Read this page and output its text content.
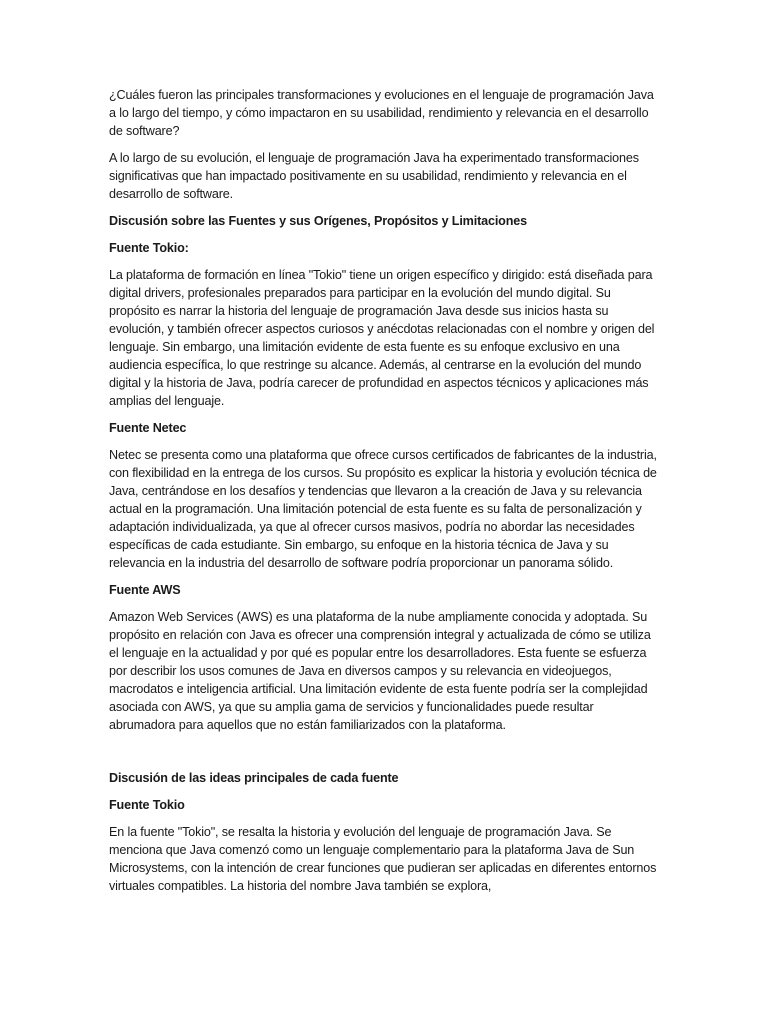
¿Cuáles fueron las principales transformaciones y evoluciones en el lenguaje de programación Java a lo largo del tiempo, y cómo impactaron en su usabilidad, rendimiento y relevancia en el desarrollo de software?

A lo largo de su evolución, el lenguaje de programación Java ha experimentado transformaciones significativas que han impactado positivamente en su usabilidad, rendimiento y relevancia en el desarrollo de software.

Discusión sobre las Fuentes y sus Orígenes, Propósitos y Limitaciones
Fuente Tokio:

La plataforma de formación en línea "Tokio" tiene un origen específico y dirigido: está diseñada para digital drivers, profesionales preparados para participar en la evolución del mundo digital. Su propósito es narrar la historia del lenguaje de programación Java desde sus inicios hasta su evolución, y también ofrecer aspectos curiosos y anécdotas relacionadas con el nombre y origen del lenguaje. Sin embargo, una limitación evidente de esta fuente es su enfoque exclusivo en una audiencia específica, lo que restringe su alcance. Además, al centrarse en la evolución del mundo digital y la historia de Java, podría carecer de profundidad en aspectos técnicos y aplicaciones más amplias del lenguaje.

Fuente Netec

Netec se presenta como una plataforma que ofrece cursos certificados de fabricantes de la industria, con flexibilidad en la entrega de los cursos. Su propósito es explicar la historia y evolución técnica de Java, centrándose en los desafíos y tendencias que llevaron a la creación de Java y su relevancia actual en la programación. Una limitación potencial de esta fuente es su falta de personalización y adaptación individualizada, ya que al ofrecer cursos masivos, podría no abordar las necesidades específicas de cada estudiante. Sin embargo, su enfoque en la historia técnica de Java y su relevancia en la industria del desarrollo de software podría proporcionar un panorama sólido.

Fuente AWS

Amazon Web Services (AWS) es una plataforma de la nube ampliamente conocida y adoptada. Su propósito en relación con Java es ofrecer una comprensión integral y actualizada de cómo se utiliza el lenguaje en la actualidad y por qué es popular entre los desarrolladores. Esta fuente se esfuerza por describir los usos comunes de Java en diversos campos y su relevancia en videojuegos, macrodatos e inteligencia artificial. Una limitación evidente de esta fuente podría ser la complejidad asociada con AWS, ya que su amplia gama de servicios y funcionalidades puede resultar abrumadora para aquellos que no están familiarizados con la plataforma.

Discusión de las ideas principales de cada fuente
Fuente Tokio

En la fuente "Tokio", se resalta la historia y evolución del lenguaje de programación Java. Se menciona que Java comenzó como un lenguaje complementario para la plataforma Java de Sun Microsystems, con la intención de crear funciones que pudieran ser aplicadas en diferentes entornos virtuales compatibles. La historia del nombre Java también se explora,
